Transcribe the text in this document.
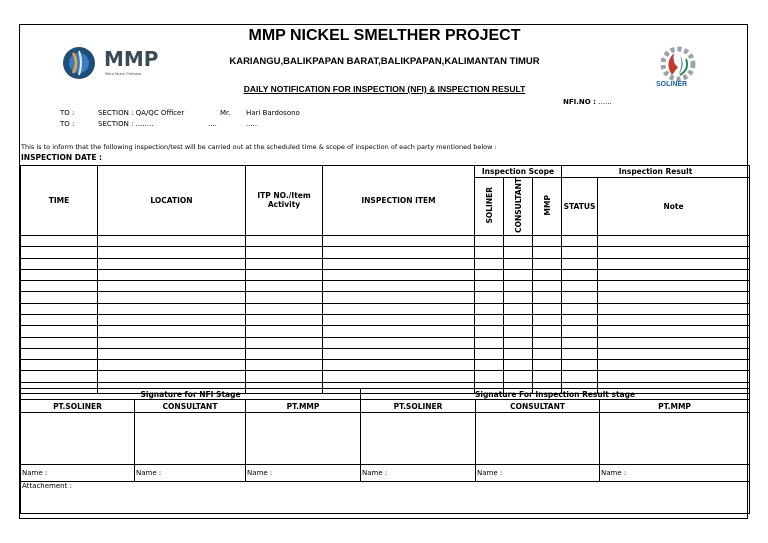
MMP
Mitra Murni Perkasa
SOLINER
MMP NICKEL SMELTHER PROJECT
KARIANGU,BALIKPAPAN BARAT,BALIKPAPAN,KALIMANTAN TIMUR
DAILY NOTIFICATION FOR INSPECTION (NFI) & INSPECTION RESULT
NFI.NO : ......
TO :	SECTION : QA/QC Officer	Mr. Hari Bardosono
TO :	SECTION : ........	....	.....
This is to inform that the following inspection/test will be carried out at the scheduled time & scope of inspection of each party mentioned below :
INSPECTION DATE :
TIME	LOCATION	ITP NO./Item Activity	INSPECTION ITEM	Inspection Scope			Inspection Result	
				SOLINER	CONSULTANT	MMP	STATUS	Note

Signature for NFI Stage			Signature For Inspection Result stage		
PT.SOLINER	CONSULTANT	PT.MMP	PT.SOLINER	CONSULTANT	PT.MMP

Name :	Name :	Name :	Name :	Name :	Name :
Attachement :					
